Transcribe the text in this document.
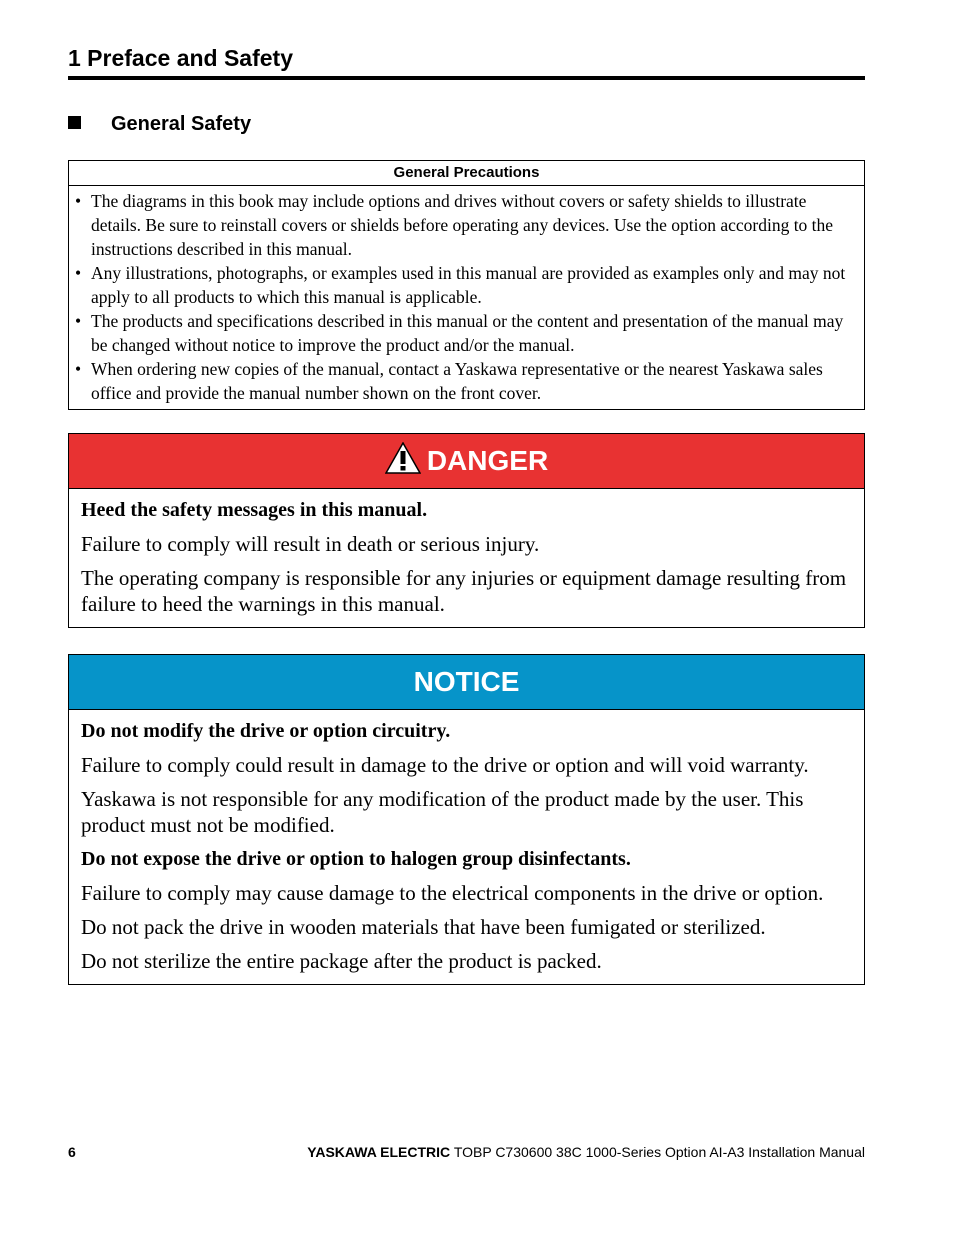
1 Preface and Safety
General Safety
General Precautions
• The diagrams in this book may include options and drives without covers or safety shields to illustrate details. Be sure to reinstall covers or shields before operating any devices. Use the option according to the instructions described in this manual.
• Any illustrations, photographs, or examples used in this manual are provided as examples only and may not apply to all products to which this manual is applicable.
• The products and specifications described in this manual or the content and presentation of the manual may be changed without notice to improve the product and/or the manual.
• When ordering new copies of the manual, contact a Yaskawa representative or the nearest Yaskawa sales office and provide the manual number shown on the front cover.
DANGER

Heed the safety messages in this manual.

Failure to comply will result in death or serious injury.

The operating company is responsible for any injuries or equipment damage resulting from failure to heed the warnings in this manual.

NOTICE

Do not modify the drive or option circuitry.

Failure to comply could result in damage to the drive or option and will void warranty.

Yaskawa is not responsible for any modification of the product made by the user. This product must not be modified.

Do not expose the drive or option to halogen group disinfectants.

Failure to comply may cause damage to the electrical components in the drive or option.

Do not pack the drive in wooden materials that have been fumigated or sterilized.

Do not sterilize the entire package after the product is packed.

6	YASKAWA ELECTRIC TOBP C730600 38C 1000-Series Option AI-A3 Installation Manual
